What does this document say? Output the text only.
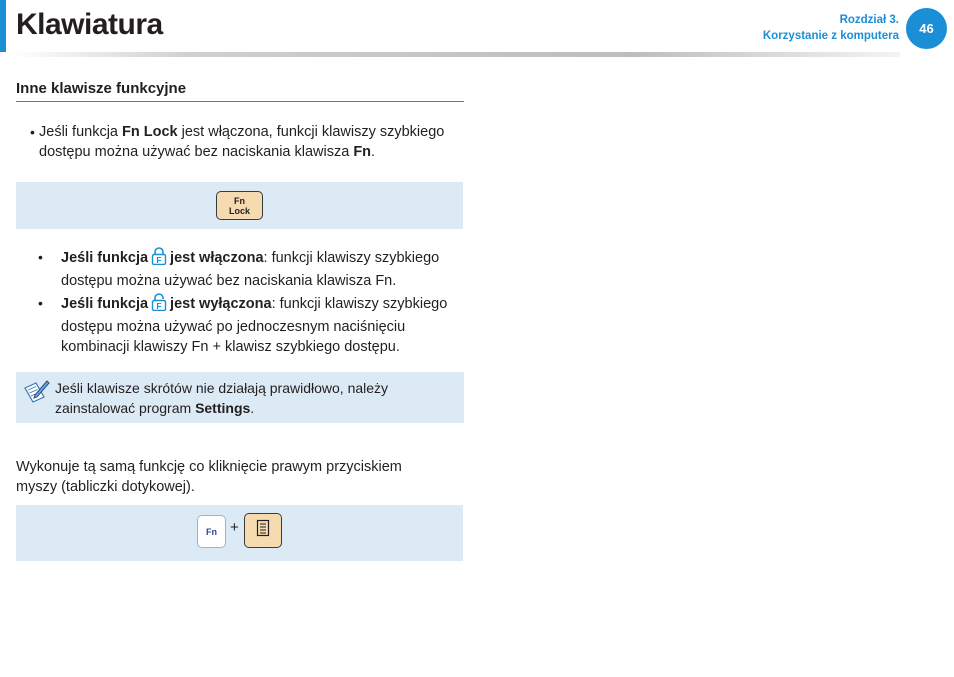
Klawiatura	Rozdział 3.
Korzystanie z komputera	46
Inne klawisze funkcyjne
• Jeśli funkcja Fn Lock jest włączona, funkcji klawiszy szybkiego
dostępu można używać bez naciskania klawisza Fn.
Fn
Lock
• Jeśli funkcja F jest włączona: funkcji klawiszy szybkiego
dostępu można używać bez naciskania klawisza Fn.
• Jeśli funkcja F jest wyłączona: funkcji klawiszy szybkiego
dostępu można używać po jednoczesnym naciśnięciu
kombinacji klawiszy Fn + klawisz szybkiego dostępu.
Jeśli klawisze skrótów nie działają prawidłowo, należy
zainstalować program Settings.
Wykonuje tą samą funkcję co kliknięcie prawym przyciskiem
myszy (tabliczki dotykowej).
Fn +
